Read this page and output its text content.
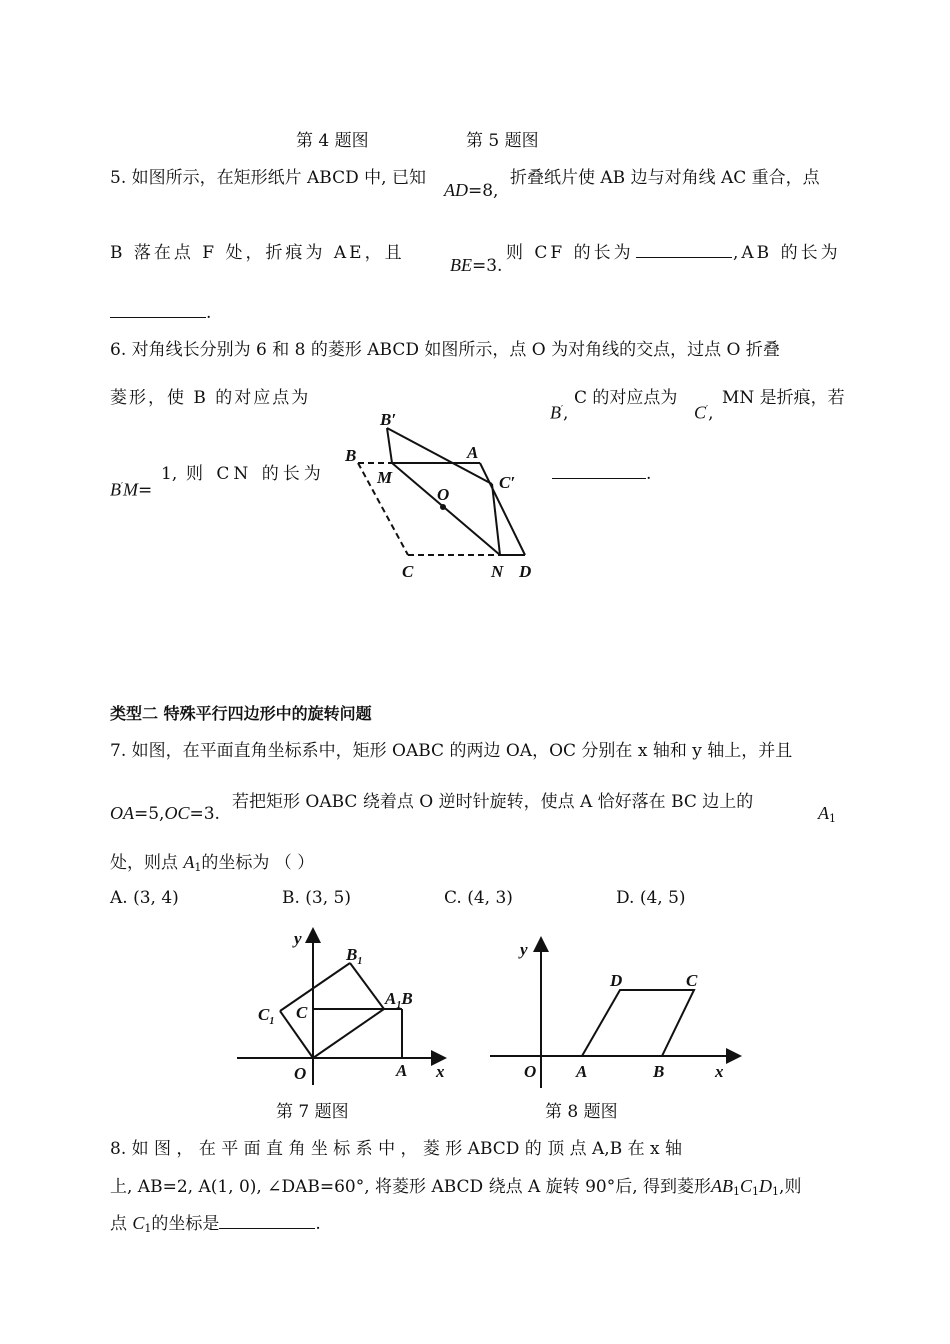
第 4 题图	第 5 题图
5. 如图所示，在矩形纸片 ABCD 中, 已知
AD=8,
折叠纸片使 AB 边与对角线 AC 重合，点
B 落在点 F 处，折痕为 AE，且
BE=3.
则 CF 的长为	,AB 的长为
.
6. 对角线长分别为 6 和 8 的菱形 ABCD 如图所示，点 O 为对角线的交点，过点 O 折叠
菱形，使 B 的对应点为
B′,
C 的对应点为
C′,
MN 是折痕，若
B′M=
1, 则 CN 的长为	.
B′
A
B
M	C′
O
C	N D
类型二 特殊平行四边形中的旋转问题
7. 如图，在平面直角坐标系中，矩形 OABC 的两边 OA，OC 分别在 x 轴和 y 轴上，并且
OA=5,OC=3.
若把矩形 OABC 绕着点 O 逆时针旋转，使点 A 恰好落在 BC 边上的
$A_1$
处，则点 $A_1$的坐标为 （ ）
A. (3, 4)	B. (3, 5)	C. (4, 3)	D. (4, 5)
y
$B_1$
$C_1$ C
$A_1B$
O	A x
y
D	C
O A	B	x
第 7 题图	第 8 题图
8. 如 图 ， 在 平 面 直 角 坐 标 系 中 ， 菱 形 ABCD 的 顶 点 A,B 在 x 轴
上, AB=2, A(1, 0), ∠DAB=60°, 将菱形 ABCD 绕点 A 旋转 90°后, 得到菱形$AB_1C_1D_1$,则
点 $C_1$的坐标是	.
